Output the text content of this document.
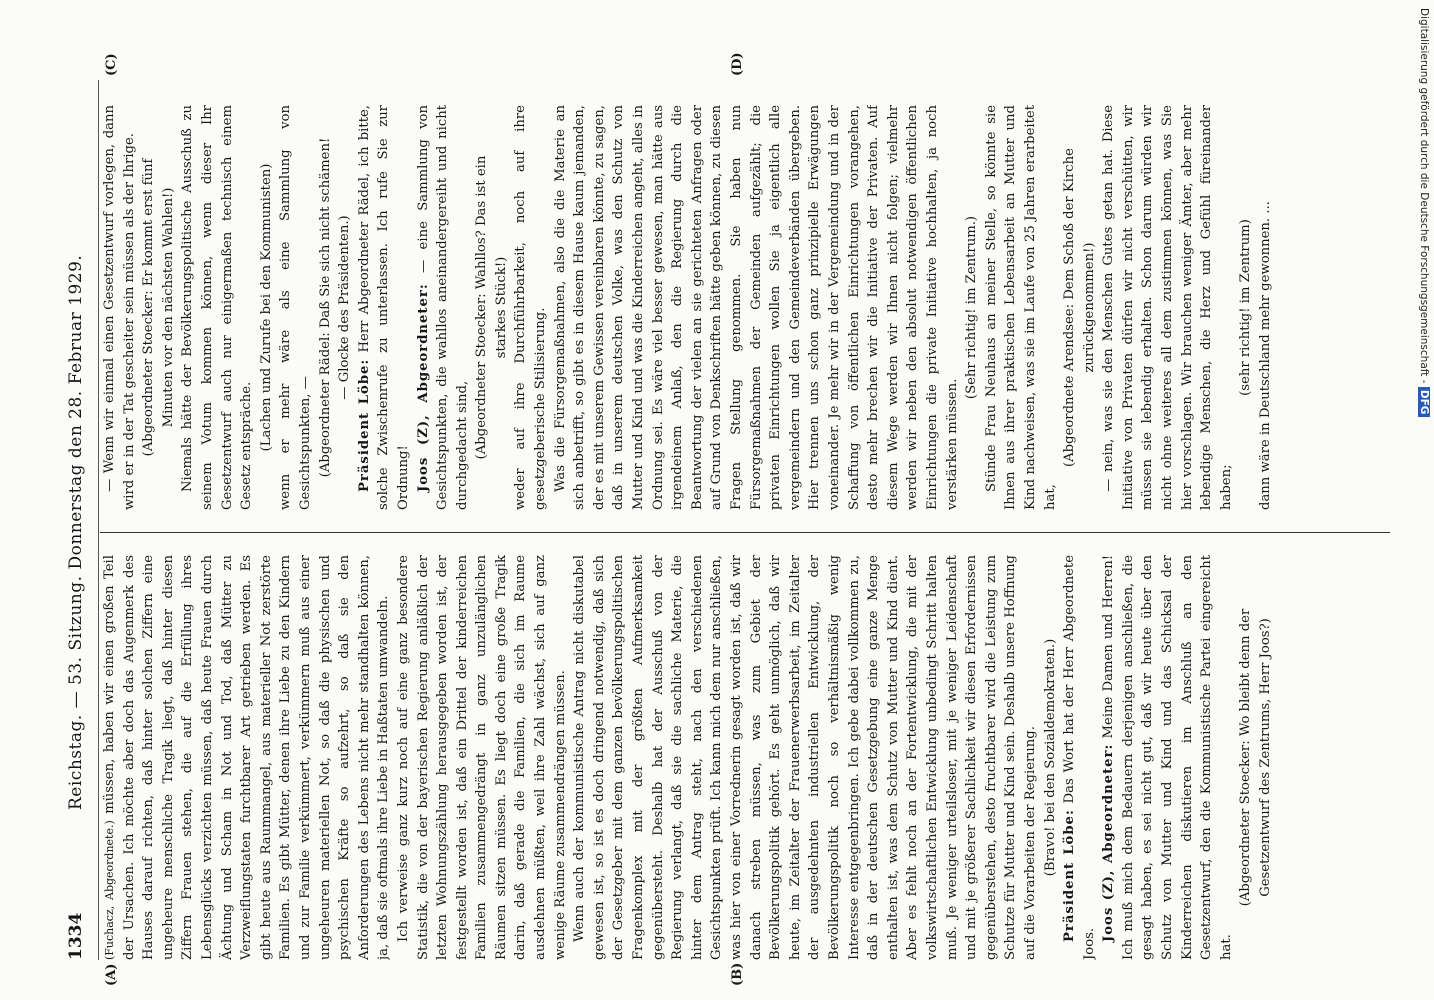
1334
Reichstag. — 53. Sitzung. Donnerstag den 28. Februar 1929.
(A)	(B)
(C)	(D)

(Fuchacz, Abgeordnete.) müssen, haben wir einen großen Teil der Ursachen. Ich möchte aber doch das Augenmerk des Hauses darauf richten, daß hinter solchen Ziffern eine ungeheure menschliche Tragik liegt, daß hinter diesen Ziffern Frauen stehen, die auf die Erfüllung ihres Lebensglücks verzichten müssen, daß heute Frauen durch Ächtung und Scham in Not und Tod, daß Mütter zu Verzweiflungstaten furchtbarer Art getrieben werden. Es gibt heute aus Raummangel, aus materieller Not zerstörte Familien. Es gibt Mütter, denen ihre Liebe zu den Kindern und zur Familie verkümmert, verkümmern muß aus einer ungeheuren materiellen Not, so daß die physischen und psychischen Kräfte so aufzehrt, so daß sie den Anforderungen des Lebens nicht mehr standhalten können, ja, daß sie oftmals ihre Liebe in Haßtaten umwandeln. Ich verweise ganz kurz noch auf eine ganz besondere Statistik, die von der bayerischen Regierung anläßlich der letzten Wohnungszählung herausgegeben worden ist, der festgestellt worden ist, daß ein Drittel der kinderreichen Familien zusammengedrängt in ganz unzulänglichen Räumen sitzen müssen. Es liegt doch eine große Tragik darin, daß gerade die Familien, die sich im Raume ausdehnen müßten, weil ihre Zahl wächst, sich auf ganz wenige Räume zusammendrängen müssen. Wenn auch der kommunistische Antrag nicht diskutabel gewesen ist, so ist es doch dringend notwendig, daß sich der Gesetzgeber mit dem ganzen bevölkerungspolitischen Fragenkomplex mit der größten Aufmerksamkeit gegenübersteht. Deshalb hat der Ausschuß von der Regierung verlangt, daß sie die sachliche Materie, die hinter dem Antrag steht, nach den verschiedenen Gesichtspunkten prüft. Ich kann mich dem nur anschließen, was hier von einer Vorrednerin gesagt worden ist, daß wir danach streben müssen, was zum Gebiet der Bevölkerungspolitik gehört. Es geht unmöglich, daß wir heute, im Zeitalter der Frauenerwerbsarbeit, im Zeitalter der ausgedehnten industriellen Entwicklung, der Bevölkerungspolitik noch so verhältnismäßig wenig Interesse entgegenbringen. Ich gebe dabei vollkommen zu, daß in der deutschen Gesetzgebung eine ganze Menge enthalten ist, was dem Schutz von Mutter und Kind dient. Aber es fehlt noch an der Fortentwicklung, die mit der volkswirtschaftlichen Entwicklung unbedingt Schritt halten muß. Je weniger urteilsloser, mit je weniger Leidenschaft und mit je größerer Sachlichkeit wir diesen Erfordernissen gegenüberstehen, desto fruchtbarer wird die Leistung zum Schutze für Mutter und Kind sein. Deshalb unsere Hoffnung auf die Vorarbeiten der Regierung. (Bravo! bei den Sozialdemokraten.) Präsident Löbe: Das Wort hat der Herr Abgeordnete Joos.

Joos (Z), Abgeordneter: Meine Damen und Herren! Ich muß mich dem Bedauern derjenigen anschließen, die gesagt haben, es sei nicht gut, daß wir heute über den Schutz von Mutter und Kind und das Schicksal der Kinderreichen diskutieren im Anschluß an den Gesetzentwurf, den die Kommunistische Partei eingereicht hat.

(Abgeordneter Stoecker: Wo bleibt denn der Gesetzentwurf des Zentrums, Herr Joos?)

— Wenn wir einmal einen Gesetzentwurf vorlegen, dann wird er in der Tat gescheiter sein müssen als der Ihrige. (Abgeordneter Stoecker: Er kommt erst fünf Minuten vor den nächsten Wahlen!) Niemals hätte der Bevölkerungspolitische Ausschuß zu seinem Votum kommen können, wenn dieser Ihr Gesetzentwurf auch nur einigermaßen technisch einem Gesetz entspräche. (Lachen und Zurufe bei den Kommunisten) wenn er mehr wäre als eine Sammlung von Gesichtspunkten, — (Abgeordneter Rädel: Daß Sie sich nicht schämen! — Glocke des Präsidenten.)

Präsident Löbe: Herr Abgeordneter Rädel, ich bitte, solche Zwischenrufe zu unterlassen. Ich rufe Sie zur Ordnung! Joos (Z), Abgeordneter: — eine Sammlung von Gesichtspunkten, die wahllos aneinandergereiht und nicht durchgedacht sind, (Abgeordneter Stoecker: Wahllos? Das ist ein starkes Stück!) weder auf ihre Durchführbarkeit, noch auf ihre gesetzgeberische Stilisierung. Was die Fürsorgemaßnahmen, also die die Materie an sich anbetrifft, so gibt es in diesem Hause kaum jemanden, der es mit unserem Gewissen vereinbaren könnte, zu sagen, daß in unserem deutschen Volke, was den Schutz von Mutter und Kind und was die Kinderreichen angeht, alles in Ordnung sei. Es wäre viel besser gewesen, man hätte aus irgendeinem Anlaß, den die Regierung durch die Beantwortung der vielen an sie gerichteten Anfragen oder auf Grund von Denkschriften hätte geben können, zu diesen Fragen Stellung genommen. Sie haben nun Fürsorgemaßnahmen der Gemeinden aufgezählt; die privaten Einrichtungen wollen Sie ja eigentlich alle vergemeindern und den Gemeindeverbänden übergeben. Hier trennen uns schon ganz prinzipielle Erwägungen voneinander. Je mehr wir in der Vergemeindung und in der Schaffung von öffentlichen Einrichtungen vorangehen, desto mehr brechen wir die Initiative der Privaten. Auf diesem Wege werden wir Ihnen nicht folgen; vielmehr werden wir neben den absolut notwendigen öffentlichen Einrichtungen die private Initiative hochhalten, ja noch verstärken müssen.

(Sehr richtig! im Zentrum.) Stünde Frau Neuhaus an meiner Stelle, so könnte sie Ihnen aus ihrer praktischen Lebensarbeit an Mutter und Kind nachweisen, was sie im Laufe von 25 Jahren erarbeitet hat,

(Abgeordnete Arendsee: Dem Schoß der Kirche zurückgenommen!) — nein, was sie den Menschen Gutes getan hat. Diese Initiative von Privaten dürfen wir nicht verschütten, wir müssen sie lebendig erhalten. Schon darum würden wir nicht ohne weiteres all dem zustimmen können, was Sie hier vorschlagen. Wir brauchen weniger Ämter, aber mehr lebendige Menschen, die Herz und Gefühl füreinander haben;

(sehr richtig! im Zentrum) dann wäre in Deutschland mehr gewonnen. ...	Digitalisierung gefördert durch die Deutsche Forschungsgemeinschaft - DFG
